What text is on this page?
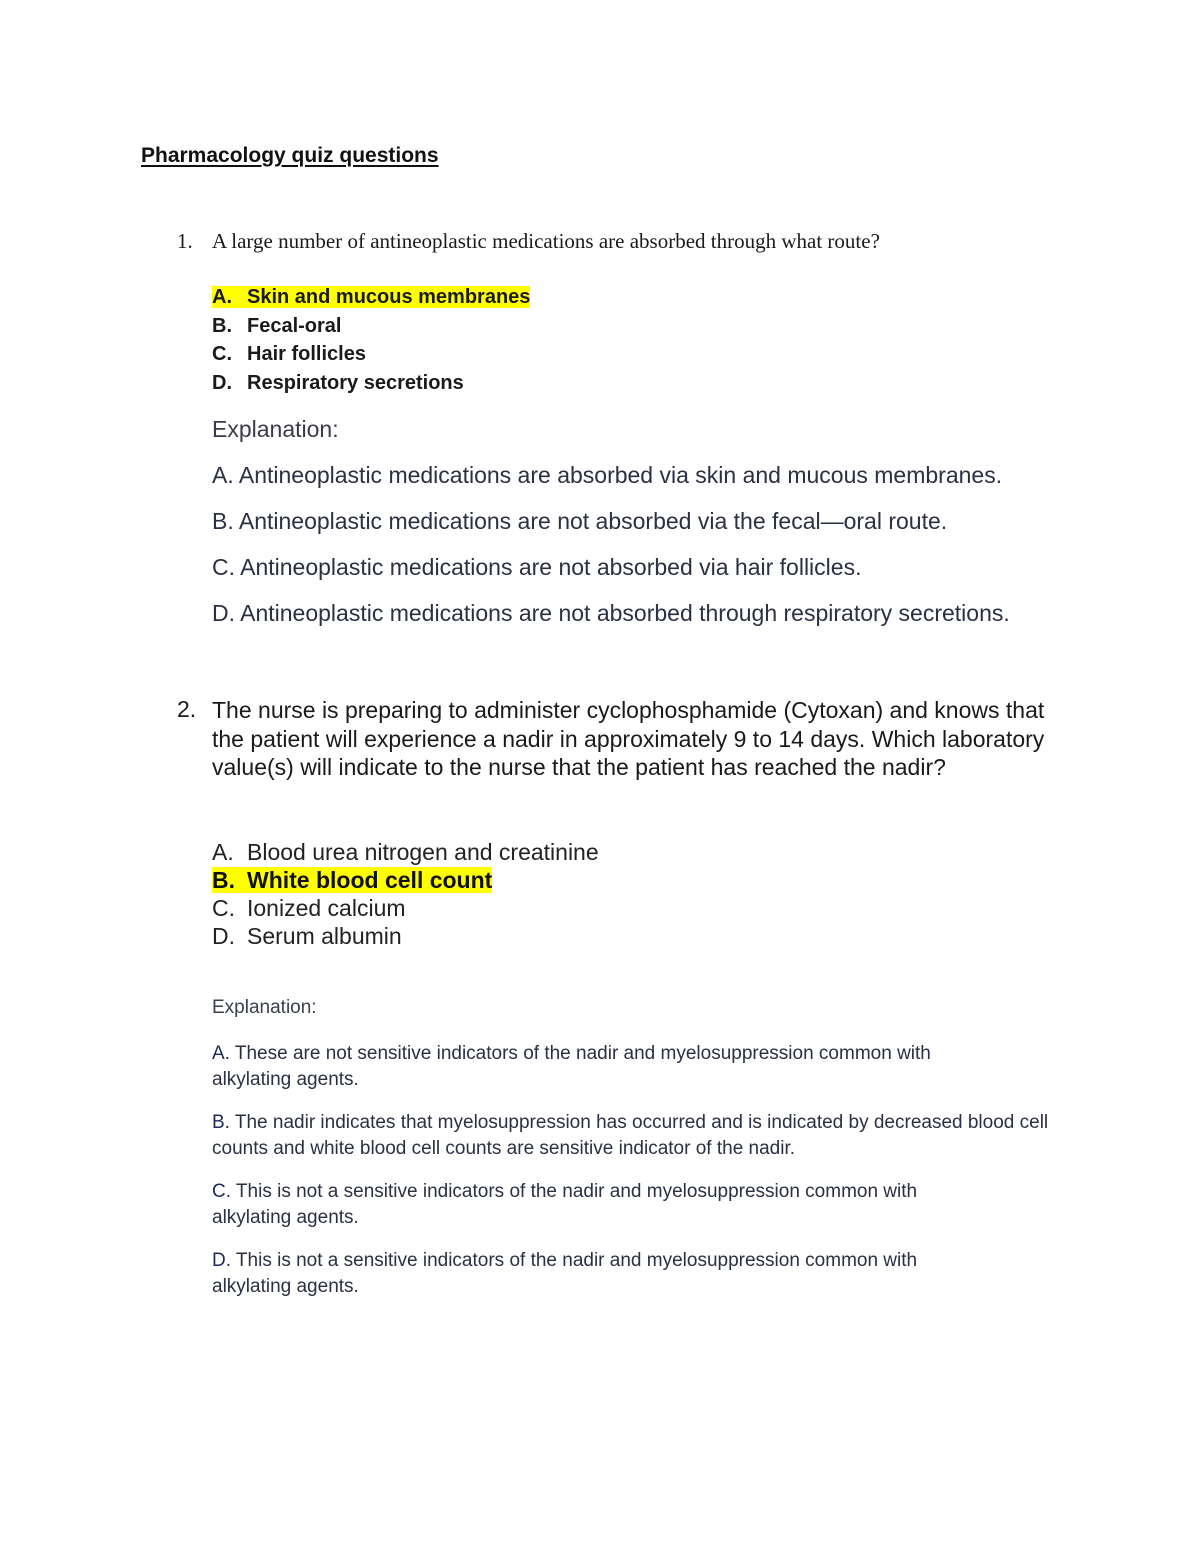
Pharmacology quiz questions
1. A large number of antineoplastic medications are absorbed through what route?
A. Skin and mucous membranes
B. Fecal-oral
C. Hair follicles
D. Respiratory secretions
Explanation:
A. Antineoplastic medications are absorbed via skin and mucous membranes.
B. Antineoplastic medications are not absorbed via the fecal—oral route.
C. Antineoplastic medications are not absorbed via hair follicles.
D. Antineoplastic medications are not absorbed through respiratory secretions.
2. The nurse is preparing to administer cyclophosphamide (Cytoxan) and knows that the patient will experience a nadir in approximately 9 to 14 days. Which laboratory value(s) will indicate to the nurse that the patient has reached the nadir?
A. Blood urea nitrogen and creatinine
B. White blood cell count
C. Ionized calcium
D. Serum albumin
Explanation:
A. These are not sensitive indicators of the nadir and myelosuppression common with alkylating agents.
B. The nadir indicates that myelosuppression has occurred and is indicated by decreased blood cell counts and white blood cell counts are sensitive indicator of the nadir.
C. This is not a sensitive indicators of the nadir and myelosuppression common with alkylating agents.
D. This is not a sensitive indicators of the nadir and myelosuppression common with alkylating agents.
